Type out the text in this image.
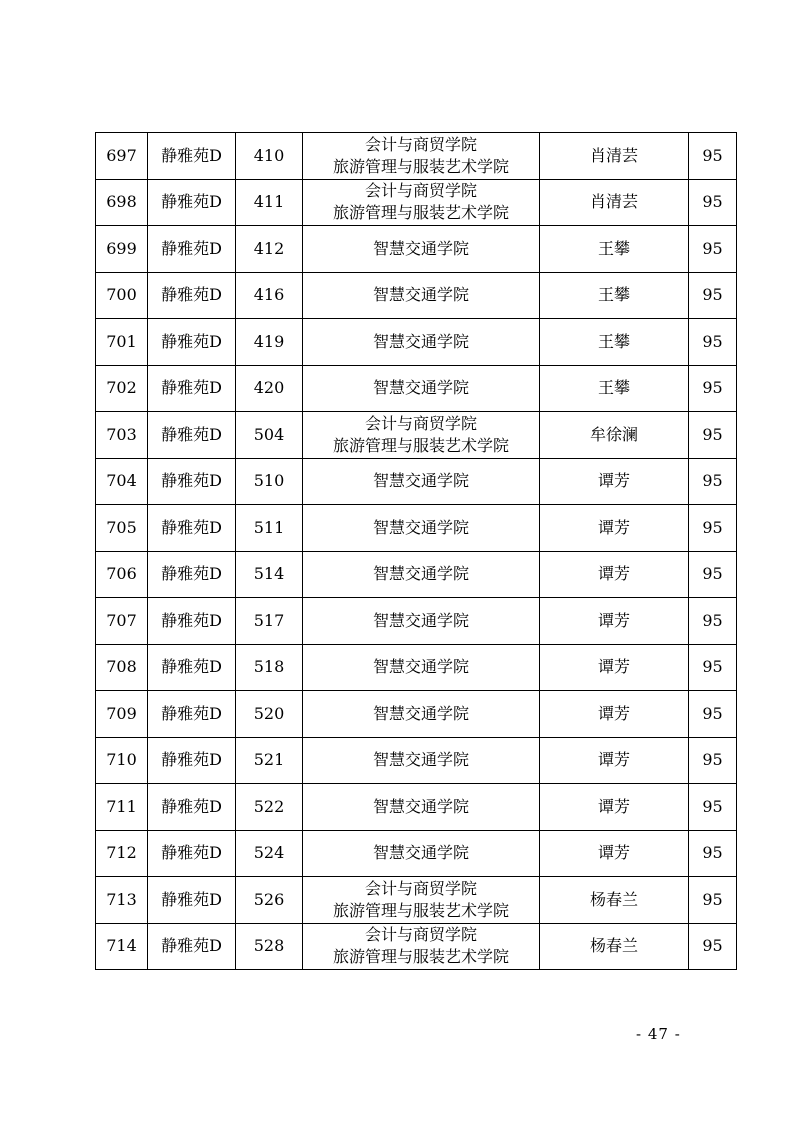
697	静雅苑D	410	会计与商贸学院
旅游管理与服装艺术学院	肖清芸	95
698	静雅苑D	411	会计与商贸学院
旅游管理与服装艺术学院	肖清芸	95
699	静雅苑D	412	智慧交通学院	王攀	95
700	静雅苑D	416	智慧交通学院	王攀	95
701	静雅苑D	419	智慧交通学院	王攀	95
702	静雅苑D	420	智慧交通学院	王攀	95
703	静雅苑D	504	会计与商贸学院
旅游管理与服装艺术学院	牟徐澜	95
704	静雅苑D	510	智慧交通学院	谭芳	95
705	静雅苑D	511	智慧交通学院	谭芳	95
706	静雅苑D	514	智慧交通学院	谭芳	95
707	静雅苑D	517	智慧交通学院	谭芳	95
708	静雅苑D	518	智慧交通学院	谭芳	95
709	静雅苑D	520	智慧交通学院	谭芳	95
710	静雅苑D	521	智慧交通学院	谭芳	95
711	静雅苑D	522	智慧交通学院	谭芳	95
712	静雅苑D	524	智慧交通学院	谭芳	95
713	静雅苑D	526	会计与商贸学院
旅游管理与服装艺术学院	杨春兰	95
714	静雅苑D	528	会计与商贸学院
旅游管理与服装艺术学院	杨春兰	95
- 47 -
